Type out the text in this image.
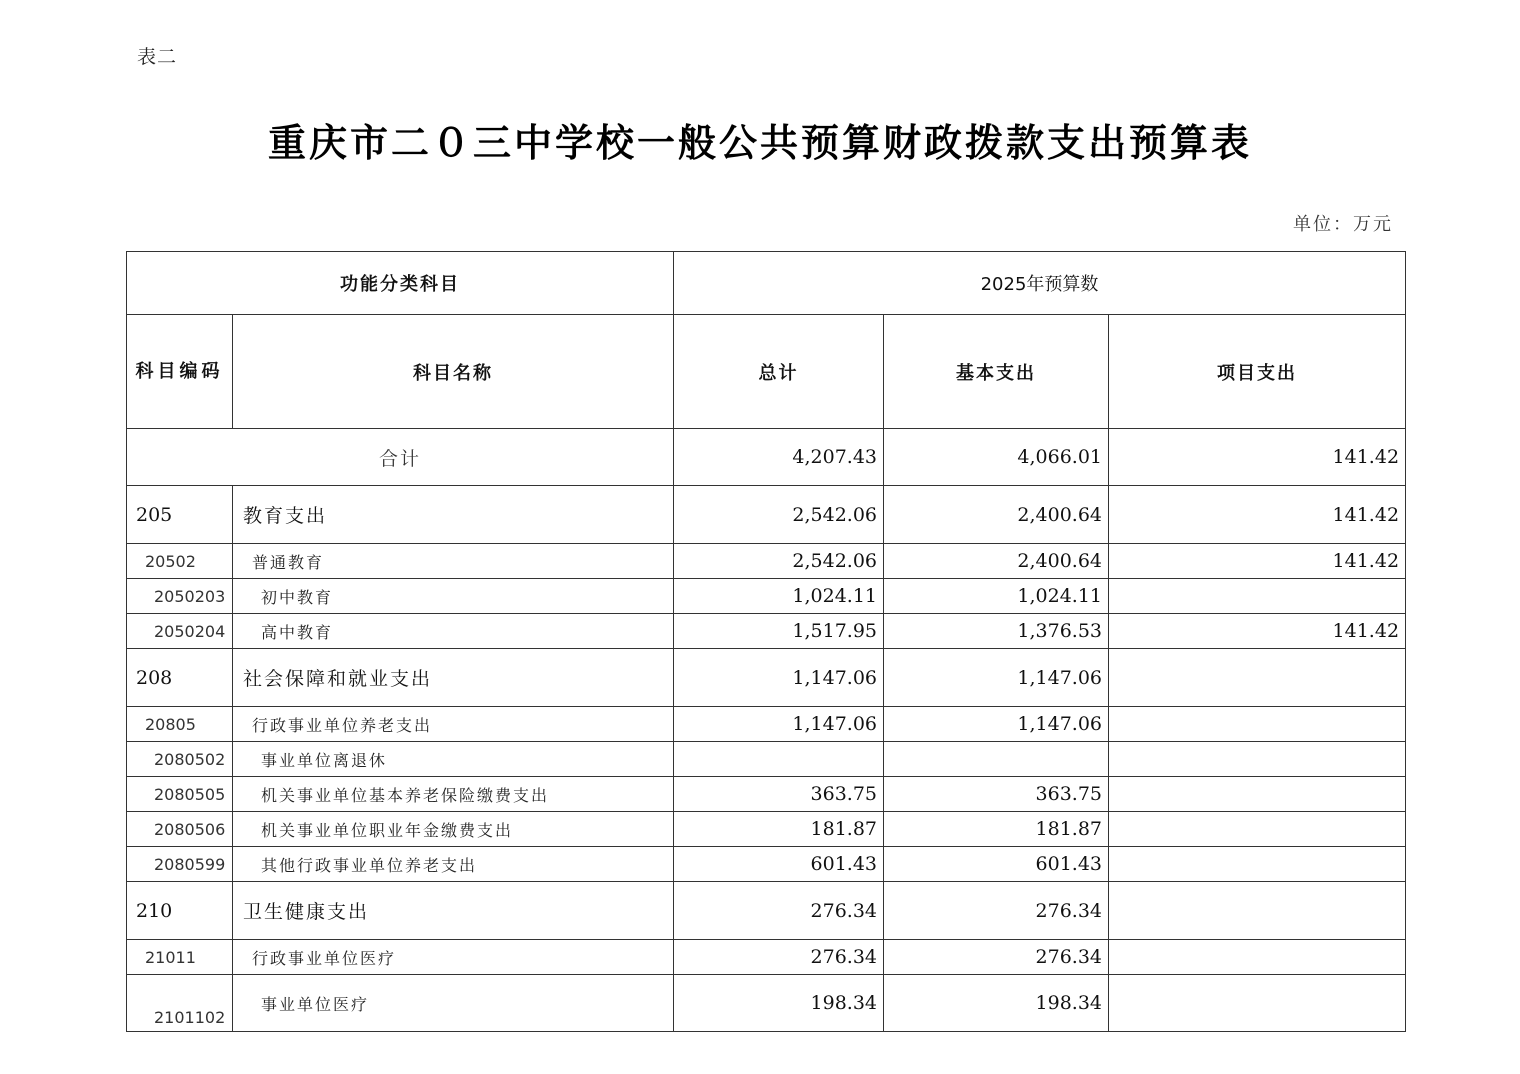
表二
重庆市二０三中学校一般公共预算财政拨款支出预算表
单位：万元
功能分类科目		2025年预算数		
科目编码	科目名称	总计	基本支出	项目支出
合计		4,207.43	4,066.01	141.42
205	教育支出	2,542.06	2,400.64	141.42
20502	普通教育	2,542.06	2,400.64	141.42
2050203	初中教育	1,024.11	1,024.11	
2050204	高中教育	1,517.95	1,376.53	141.42
208	社会保障和就业支出	1,147.06	1,147.06	
20805	行政事业单位养老支出	1,147.06	1,147.06	
2080502	事业单位离退休			
2080505	机关事业单位基本养老保险缴费支出	363.75	363.75	
2080506	机关事业单位职业年金缴费支出	181.87	181.87	
2080599	其他行政事业单位养老支出	601.43	601.43	
210	卫生健康支出	276.34	276.34	
21011	行政事业单位医疗	276.34	276.34	
2101102	事业单位医疗	198.34	198.34	
